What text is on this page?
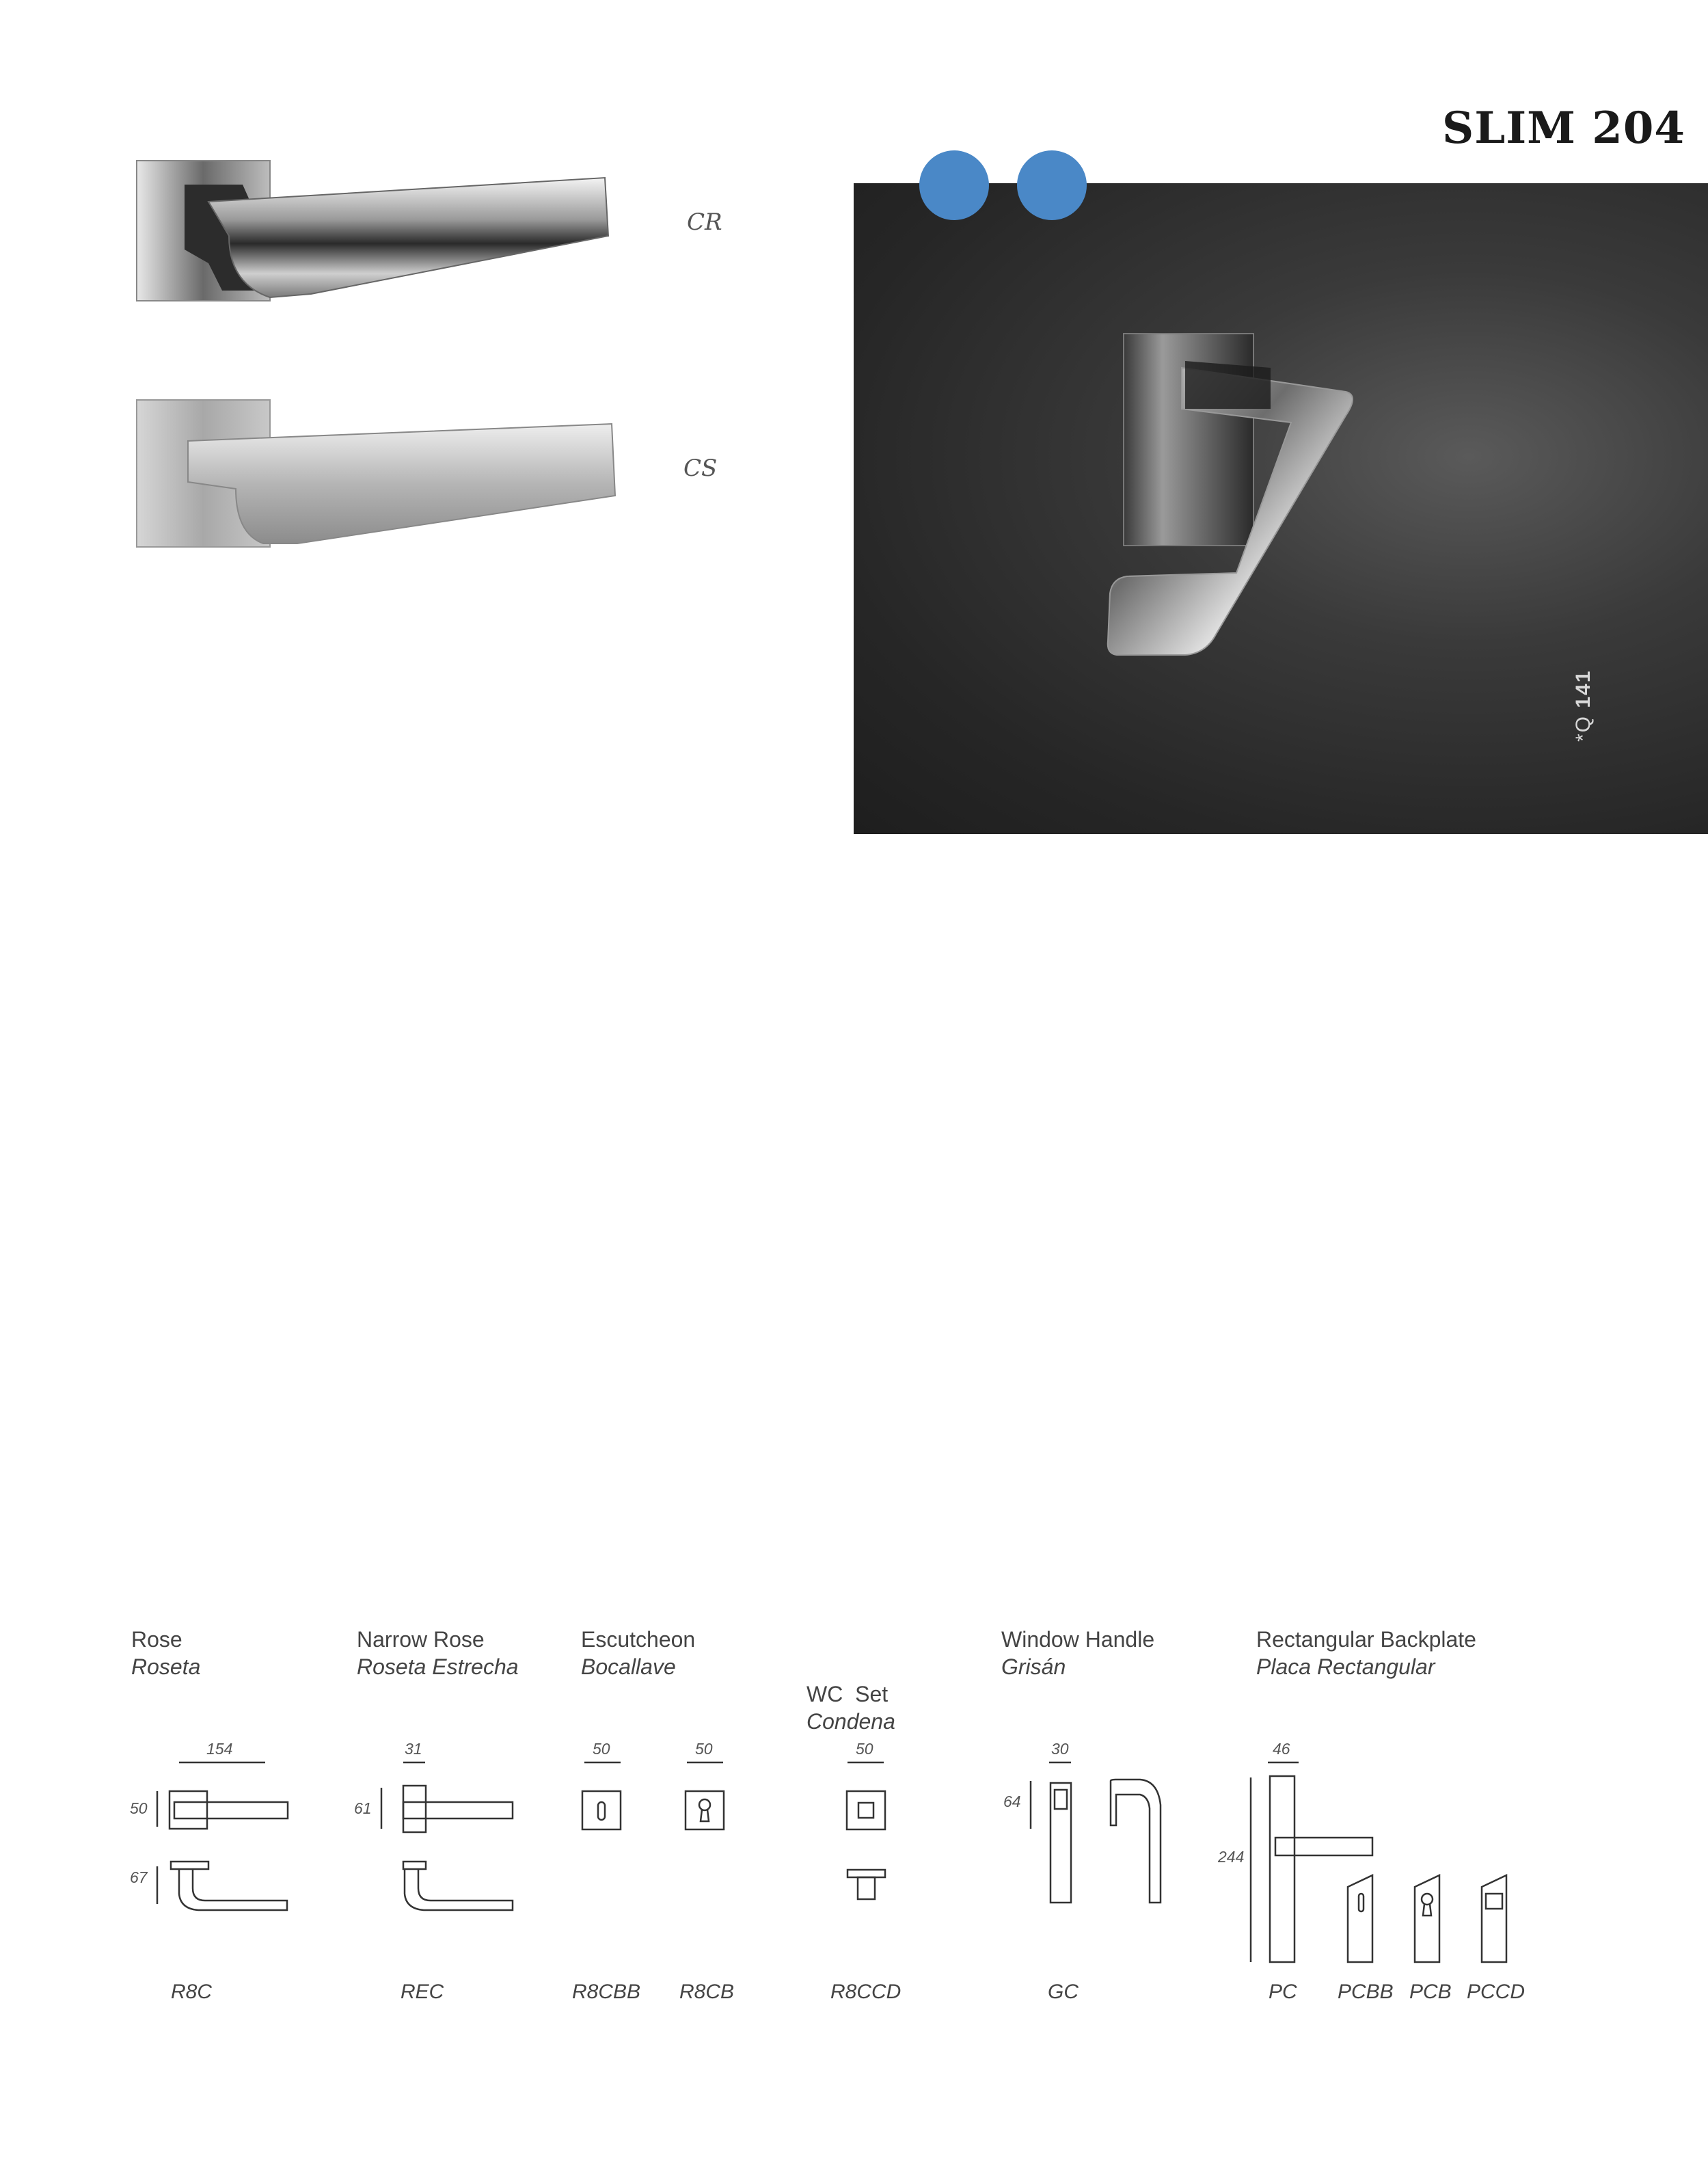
SLIM 204
CR
CS
*Q 141
Rose
Roseta
Narrow Rose
Roseta Estrecha
Escutcheon
Bocallave

WC  Set
Condena

Window Handle
Grisán
Rectangular Backplate
Placa Rectangular
154
50
67
31
61
50	50	50	30
64
46
244
R8C	REC	R8CBB R8CB	R8CCD	GC	PC PCBB PCB PCCD
